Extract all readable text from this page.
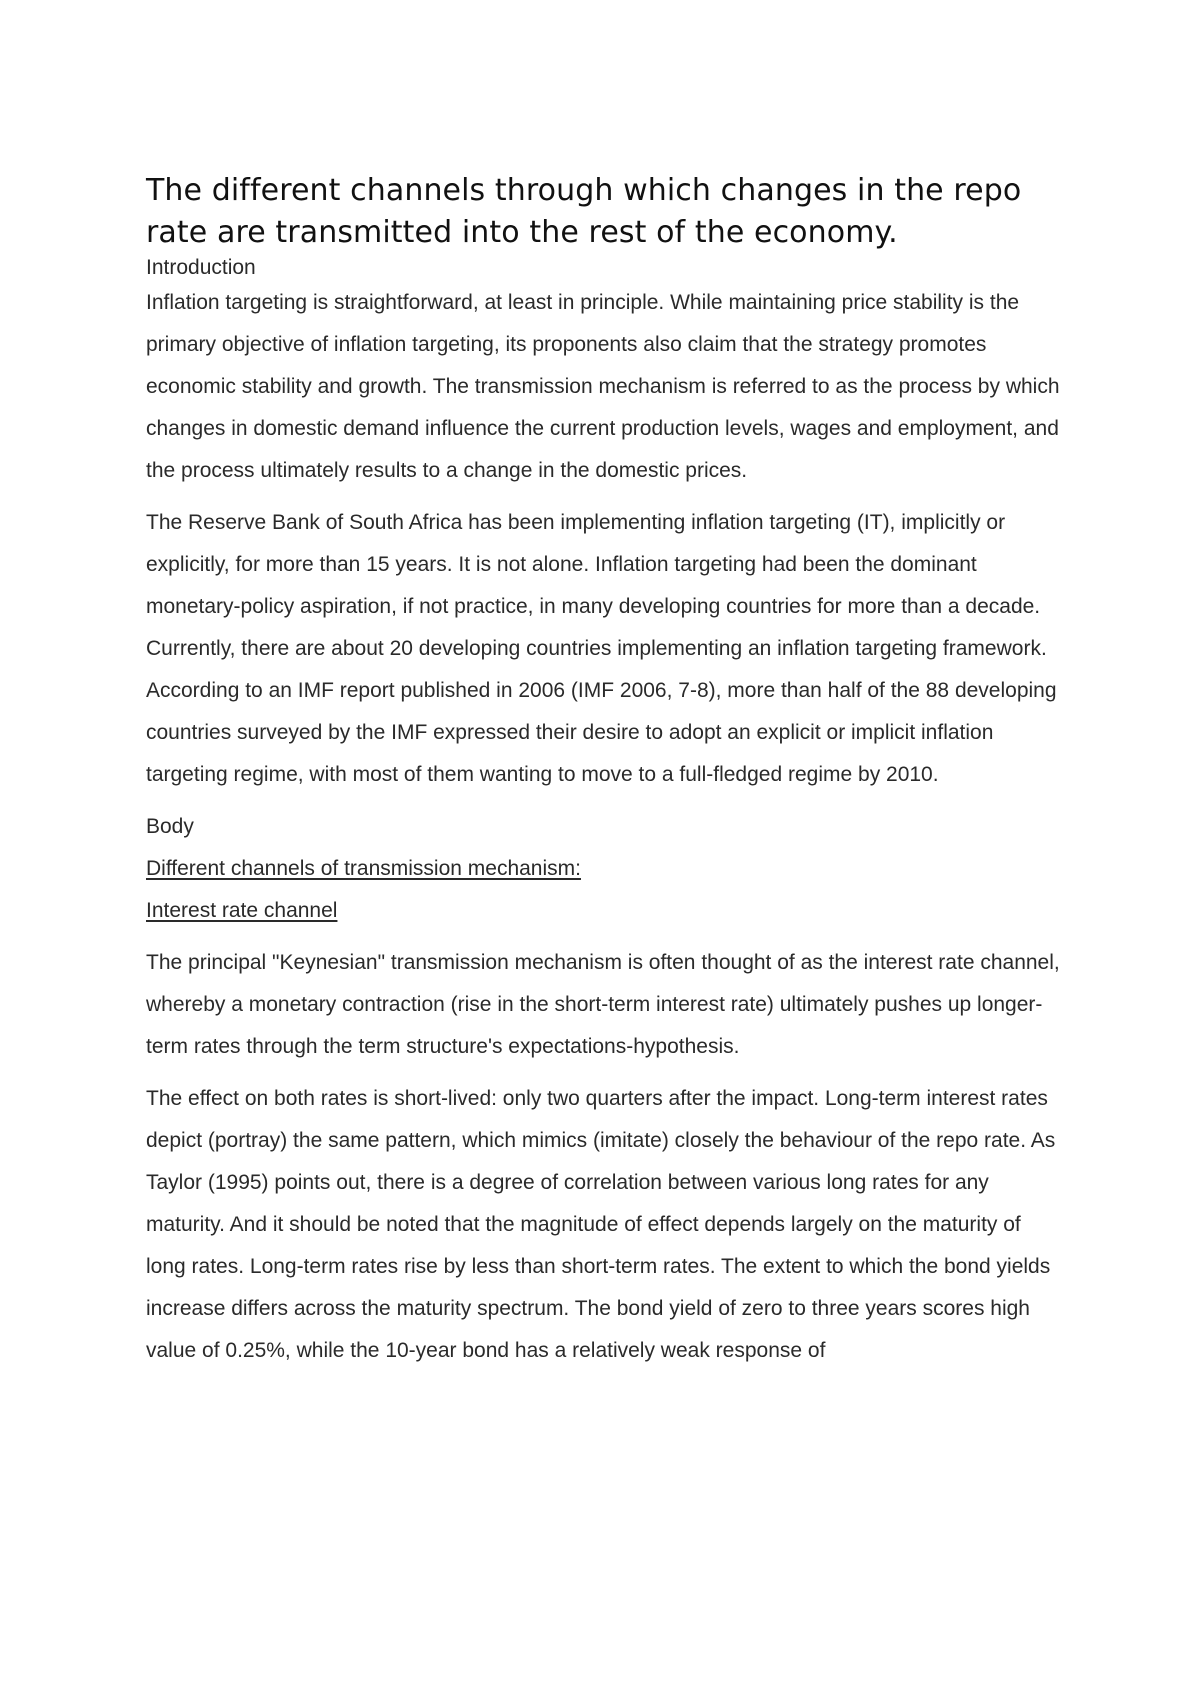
The different channels through which changes in the repo rate are transmitted into the rest of the economy.

Introduction

Inflation targeting is straightforward, at least in principle. While maintaining price stability is the primary objective of inflation targeting, its proponents also claim that the strategy promotes economic stability and growth. The transmission mechanism is referred to as the process by which changes in domestic demand influence the current production levels, wages and employment, and the process ultimately results to a change in the domestic prices.

The Reserve Bank of South Africa has been implementing inflation targeting (IT), implicitly or explicitly, for more than 15 years. It is not alone. Inflation targeting had been the dominant monetary-policy aspiration, if not practice, in many developing countries for more than a decade. Currently, there are about 20 developing countries implementing an inflation targeting framework. According to an IMF report published in 2006 (IMF 2006, 7-8), more than half of the 88 developing countries surveyed by the IMF expressed their desire to adopt an explicit or implicit inflation targeting regime, with most of them wanting to move to a full-fledged regime by 2010.

Body

Different channels of transmission mechanism:

Interest rate channel

The principal "Keynesian" transmission mechanism is often thought of as the interest rate channel, whereby a monetary contraction (rise in the short-term interest rate) ultimately pushes up longer-term rates through the term structure's expectations-hypothesis.

The effect on both rates is short-lived: only two quarters after the impact. Long-term interest rates depict (portray) the same pattern, which mimics (imitate) closely the behaviour of the repo rate. As Taylor (1995) points out, there is a degree of correlation between various long rates for any maturity. And it should be noted that the magnitude of effect depends largely on the maturity of long rates. Long-term rates rise by less than short-term rates. The extent to which the bond yields increase differs across the maturity spectrum. The bond yield of zero to three years scores high value of 0.25%, while the 10-year bond has a relatively weak response of
